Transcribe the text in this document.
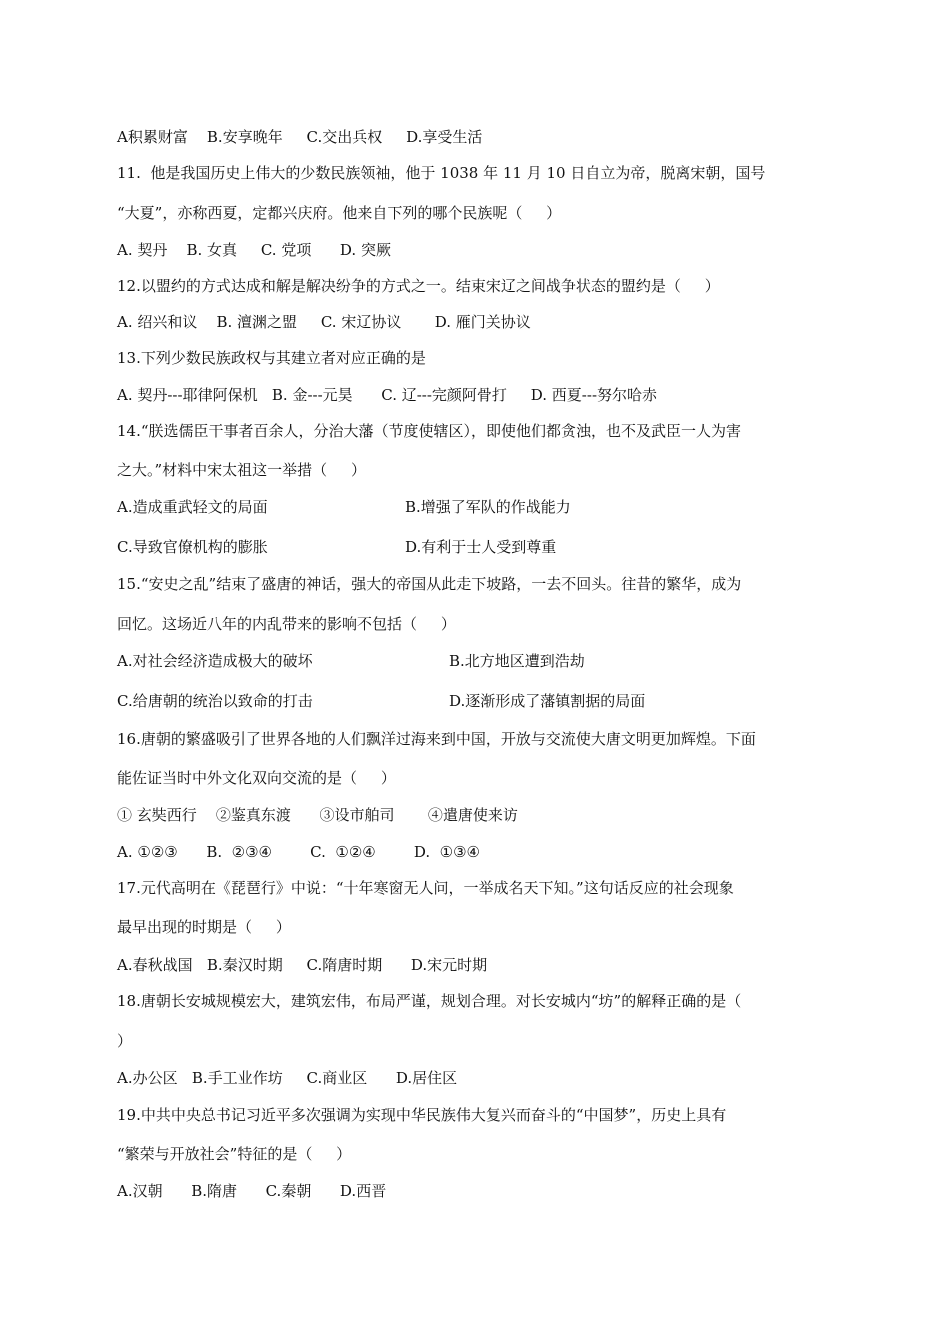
A积累财富    B.安享晚年     C.交出兵权     D.享受生活
11.  他是我国历史上伟大的少数民族领袖，他于 1038 年 11 月 10 日自立为帝，脱离宋朝，国号
“大夏”，亦称西夏，定都兴庆府。他来自下列的哪个民族呢（     ）
A. 契丹    B. 女真     C. 党项      D. 突厥
12.以盟约的方式达成和解是解决纷争的方式之一。结束宋辽之间战争状态的盟约是（     ）
A. 绍兴和议    B. 澶渊之盟     C. 宋辽协议       D. 雁门关协议
13.下列少数民族政权与其建立者对应正确的是
A. 契丹---耶律阿保机   B. 金---元昊      C. 辽---完颜阿骨打     D. 西夏---努尔哈赤
14.“朕选儒臣干事者百余人，分治大藩（节度使辖区），即使他们都贪浊，也不及武臣一人为害
之大。”材料中宋太祖这一举措（     ）
A.造成重武轻文的局面	B.增强了军队的作战能力
C.导致官僚机构的膨胀	D.有利于士人受到尊重
15.“安史之乱”结束了盛唐的神话，强大的帝国从此走下坡路，一去不回头。往昔的繁华，成为
回忆。这场近八年的内乱带来的影响不包括（     ）
A.对社会经济造成极大的破坏	B.北方地区遭到浩劫
C.给唐朝的统治以致命的打击	D.逐渐形成了藩镇割据的局面
16.唐朝的繁盛吸引了世界各地的人们飘洋过海来到中国，开放与交流使大唐文明更加辉煌。下面
能佐证当时中外文化双向交流的是（     ）
① 玄奘西行    ②鉴真东渡      ③设市舶司       ④遣唐使来访
A. ①②③      B.  ②③④        C.  ①②④        D.  ①③④
17.元代高明在《琵琶行》中说：“十年寒窗无人问，一举成名天下知。”这句话反应的社会现象
最早出现的时期是（     ）
A.春秋战国   B.秦汉时期     C.隋唐时期      D.宋元时期
18.唐朝长安城规模宏大，建筑宏伟，布局严谨，规划合理。对长安城内“坊”的解释正确的是（
）
A.办公区   B.手工业作坊     C.商业区      D.居住区
19.中共中央总书记习近平多次强调为实现中华民族伟大复兴而奋斗的“中国梦”，历史上具有
“繁荣与开放社会”特征的是（     ）
A.汉朝      B.隋唐      C.秦朝      D.西晋
